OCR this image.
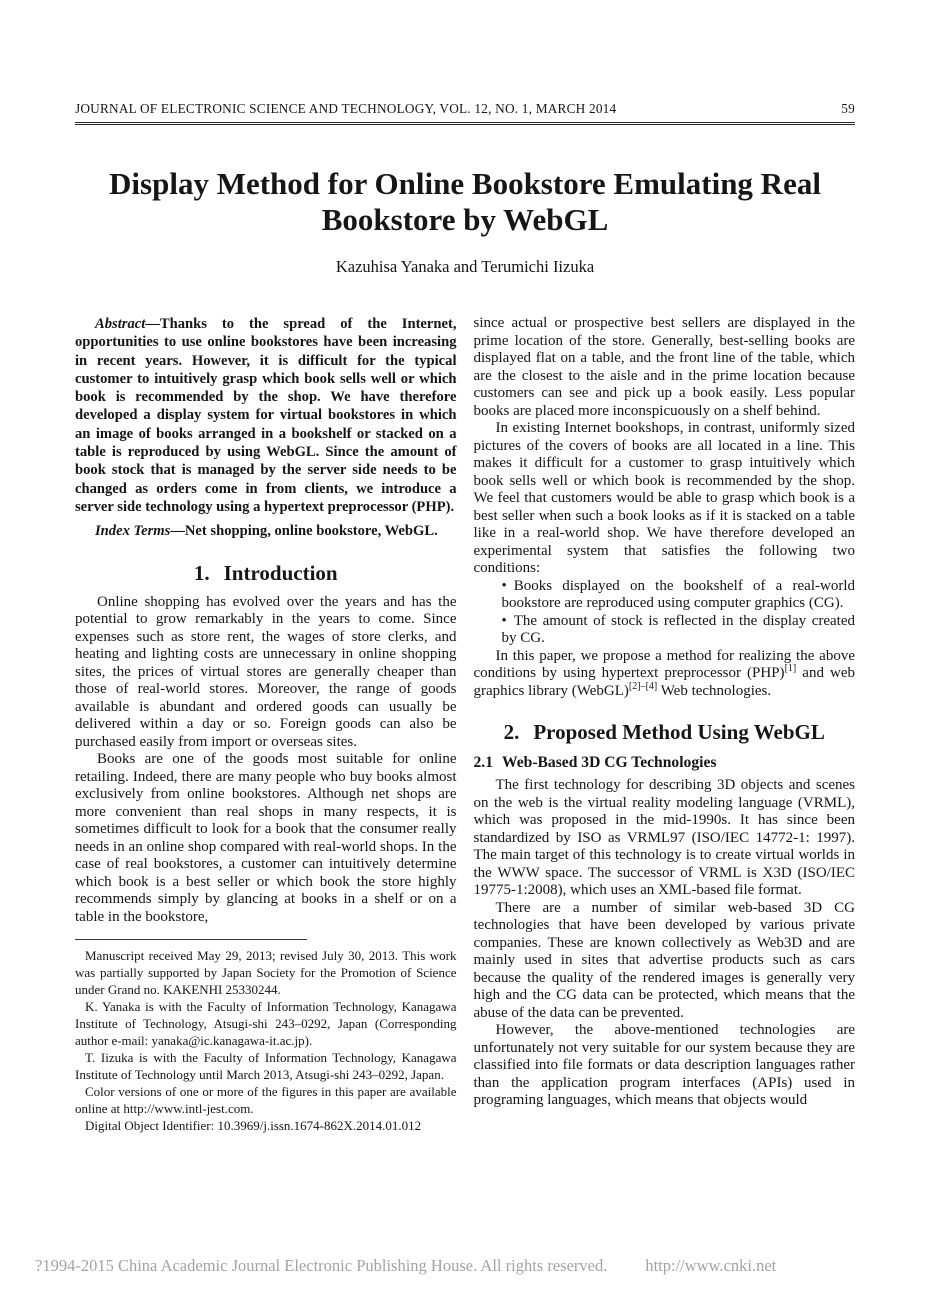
JOURNAL OF ELECTRONIC SCIENCE AND TECHNOLOGY, VOL. 12, NO. 1, MARCH 2014	59
Display Method for Online Bookstore Emulating Real Bookstore by WebGL
Kazuhisa Yanaka and Terumichi Iizuka

Abstract—Thanks to the spread of the Internet, opportunities to use online bookstores have been increasing in recent years. However, it is difficult for the typical customer to intuitively grasp which book sells well or which book is recommended by the shop. We have therefore developed a display system for virtual bookstores in which an image of books arranged in a bookshelf or stacked on a table is reproduced by using WebGL. Since the amount of book stock that is managed by the server side needs to be changed as orders come in from clients, we introduce a server side technology using a hypertext preprocessor (PHP).

Index Terms—Net shopping, online bookstore, WebGL.

1. Introduction

Online shopping has evolved over the years and has the potential to grow remarkably in the years to come. Since expenses such as store rent, the wages of store clerks, and heating and lighting costs are unnecessary in online shopping sites, the prices of virtual stores are generally cheaper than those of real-world stores. Moreover, the range of goods available is abundant and ordered goods can usually be delivered within a day or so. Foreign goods can also be purchased easily from import or overseas sites.

Books are one of the goods most suitable for online retailing. Indeed, there are many people who buy books almost exclusively from online bookstores. Although net shops are more convenient than real shops in many respects, it is sometimes difficult to look for a book that the consumer really needs in an online shop compared with real-world shops. In the case of real bookstores, a customer can intuitively determine which book is a best seller or which book the store highly recommends simply by glancing at books in a shelf or on a table in the bookstore,

Manuscript received May 29, 2013; revised July 30, 2013. This work was partially supported by Japan Society for the Promotion of Science under Grand no. KAKENHI 25330244.

K. Yanaka is with the Faculty of Information Technology, Kanagawa Institute of Technology, Atsugi-shi 243–0292, Japan (Corresponding author e-mail: yanaka@ic.kanagawa-it.ac.jp).

T. Iizuka is with the Faculty of Information Technology, Kanagawa Institute of Technology until March 2013, Atsugi-shi 243–0292, Japan.

Color versions of one or more of the figures in this paper are available online at http://www.intl-jest.com.

Digital Object Identifier: 10.3969/j.issn.1674-862X.2014.01.012

since actual or prospective best sellers are displayed in the prime location of the store. Generally, best-selling books are displayed flat on a table, and the front line of the table, which are the closest to the aisle and in the prime location because customers can see and pick up a book easily. Less popular books are placed more inconspicuously on a shelf behind.

In existing Internet bookshops, in contrast, uniformly sized pictures of the covers of books are all located in a line. This makes it difficult for a customer to grasp intuitively which book sells well or which book is recommended by the shop. We feel that customers would be able to grasp which book is a best seller when such a book looks as if it is stacked on a table like in a real-world shop. We have therefore developed an experimental system that satisfies the following two conditions:

• Books displayed on the bookshelf of a real-world bookstore are reproduced using computer graphics (CG).
• The amount of stock is reflected in the display created by CG.

In this paper, we propose a method for realizing the above conditions by using hypertext preprocessor (PHP)[1] and web graphics library (WebGL)[2]–[4] Web technologies.

2. Proposed Method Using WebGL
2.1 Web-Based 3D CG Technologies

The first technology for describing 3D objects and scenes on the web is the virtual reality modeling language (VRML), which was proposed in the mid-1990s. It has since been standardized by ISO as VRML97 (ISO/IEC 14772-1: 1997). The main target of this technology is to create virtual worlds in the WWW space. The successor of VRML is X3D (ISO/IEC 19775-1:2008), which uses an XML-based file format.

There are a number of similar web-based 3D CG technologies that have been developed by various private companies. These are known collectively as Web3D and are mainly used in sites that advertise products such as cars because the quality of the rendered images is generally very high and the CG data can be protected, which means that the abuse of the data can be prevented.

However, the above-mentioned technologies are unfortunately not very suitable for our system because they are classified into file formats or data description languages rather than the application program interfaces (APIs) used in programing languages, which means that objects would

?1994-2015 China Academic Journal Electronic Publishing House. All rights reserved. http://www.cnki.net
